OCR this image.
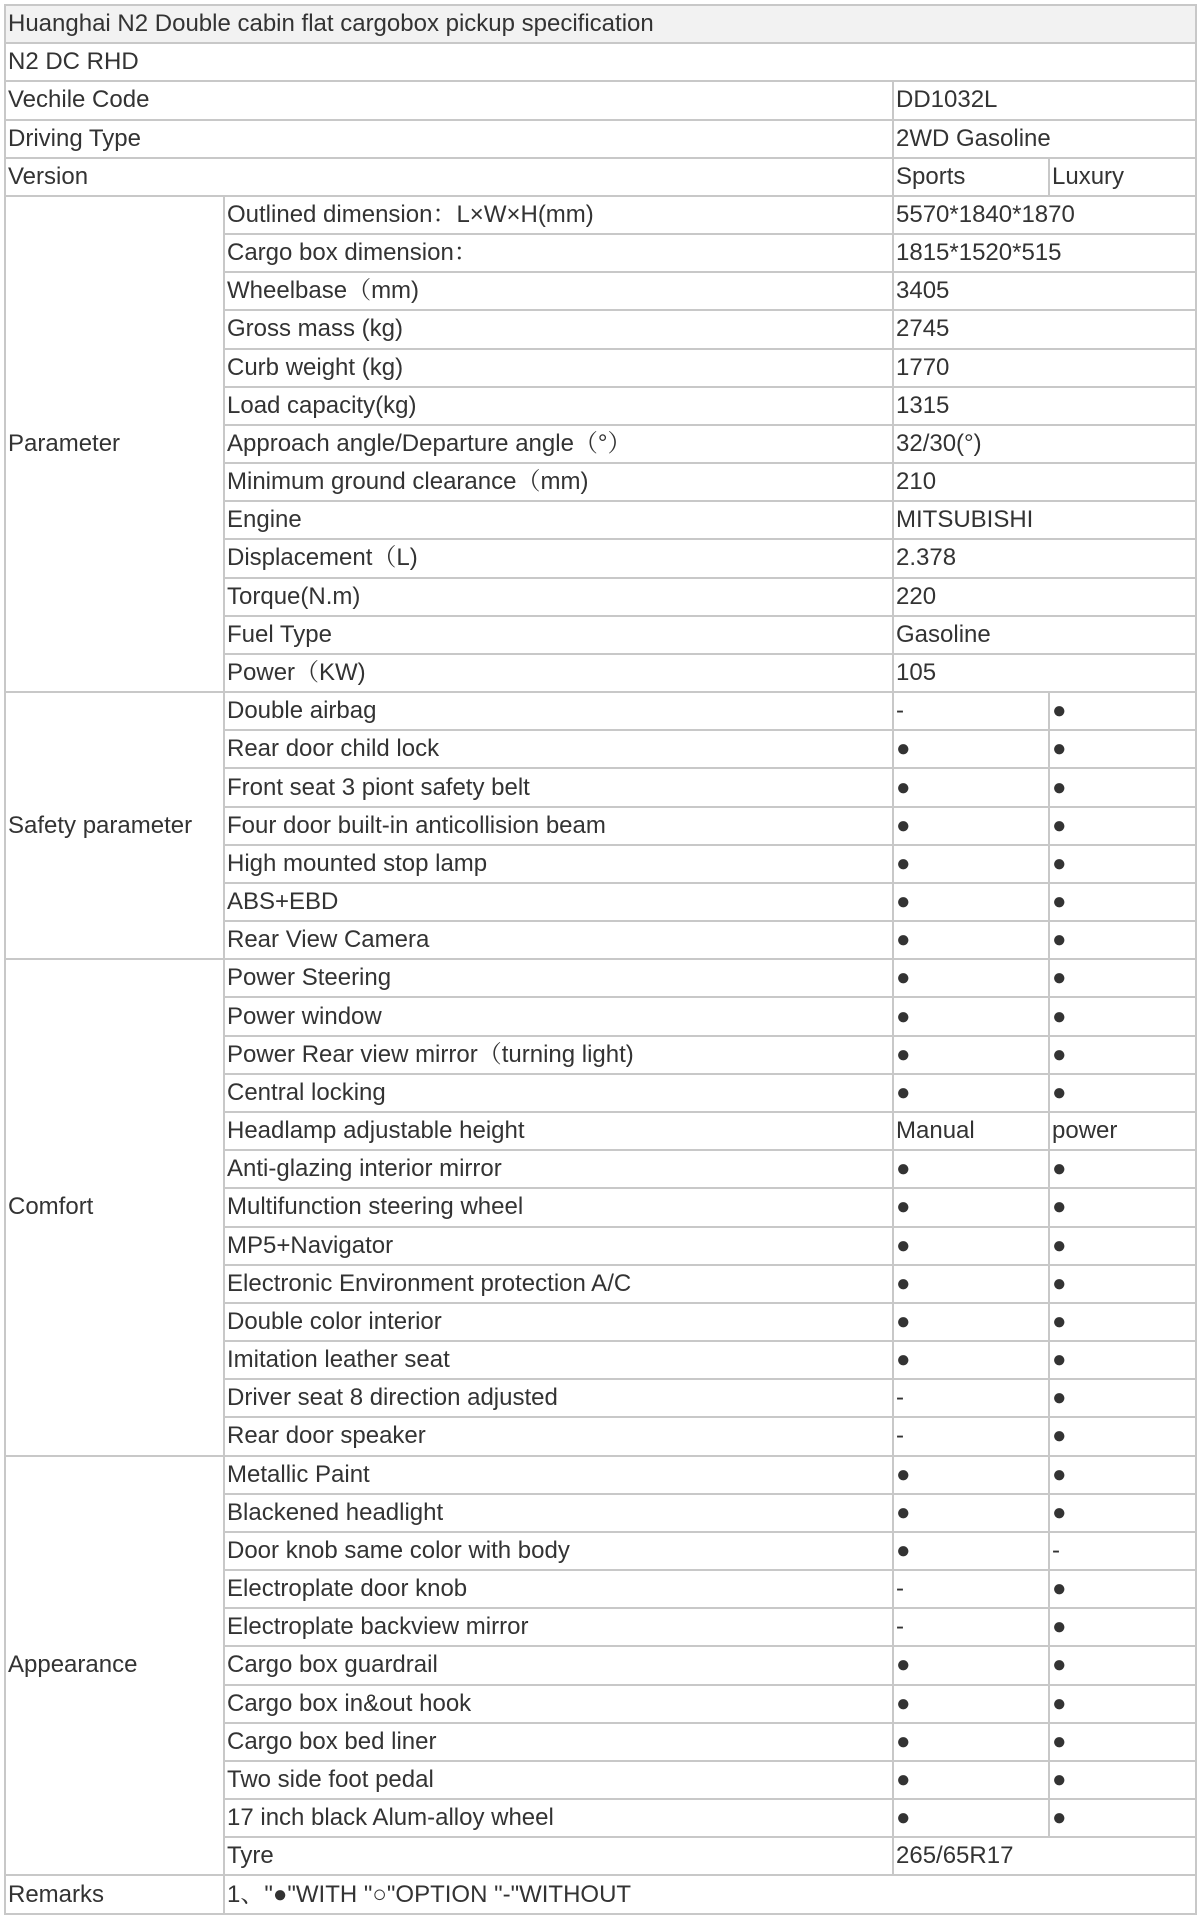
Huanghai N2 Double cabin flat cargobox pickup specification			
N2 DC RHD			
Vechile Code		DD1032L	
Driving Type		2WD Gasoline	
Version		Sports	Luxury
Parameter	Outlined dimension：L×W×H(mm)	5570*1840*1870	
	Cargo box dimension：	1815*1520*515	
	Wheelbase（mm)	3405	
	Gross mass (kg)	2745	
	Curb weight (kg)	1770	
	Load capacity(kg)	1315	
	Approach angle/Departure angle（°）	32/30(°)	
	Minimum ground clearance（mm)	210	
	Engine	MITSUBISHI	
	Displacement（L)	2.378	
	Torque(N.m)	220	
	Fuel Type	Gasoline	
	Power（KW)	105	
Safety parameter	Double airbag	-	●
	Rear door child lock	●	●
	Front seat 3 piont safety belt	●	●
	Four door built-in anticollision beam	●	●
	High mounted stop lamp	●	●
	ABS+EBD	●	●
	Rear View Camera	●	●
Comfort	Power Steering	●	●
	Power window	●	●
	Power Rear view mirror（turning light)	●	●
	Central locking	●	●
	Headlamp adjustable height	Manual	power
	Anti-glazing interior mirror	●	●
	Multifunction steering wheel	●	●
	MP5+Navigator	●	●
	Electronic Environment protection A/C	●	●
	Double color interior	●	●
	Imitation leather seat	●	●
	Driver seat 8 direction adjusted	-	●
	Rear door speaker	-	●
Appearance	Metallic Paint	●	●
	Blackened headlight	●	●
	Door knob same color with body	●	-
	Electroplate door knob	-	●
	Electroplate backview mirror	-	●
	Cargo box guardrail	●	●
	Cargo box in&out hook	●	●
	Cargo box bed liner	●	●
	Two side foot pedal	●	●
	17 inch black Alum-alloy wheel	●	●
	Tyre	265/65R17	
Remarks	1、"●"WITH "○"OPTION "-"WITHOUT		
